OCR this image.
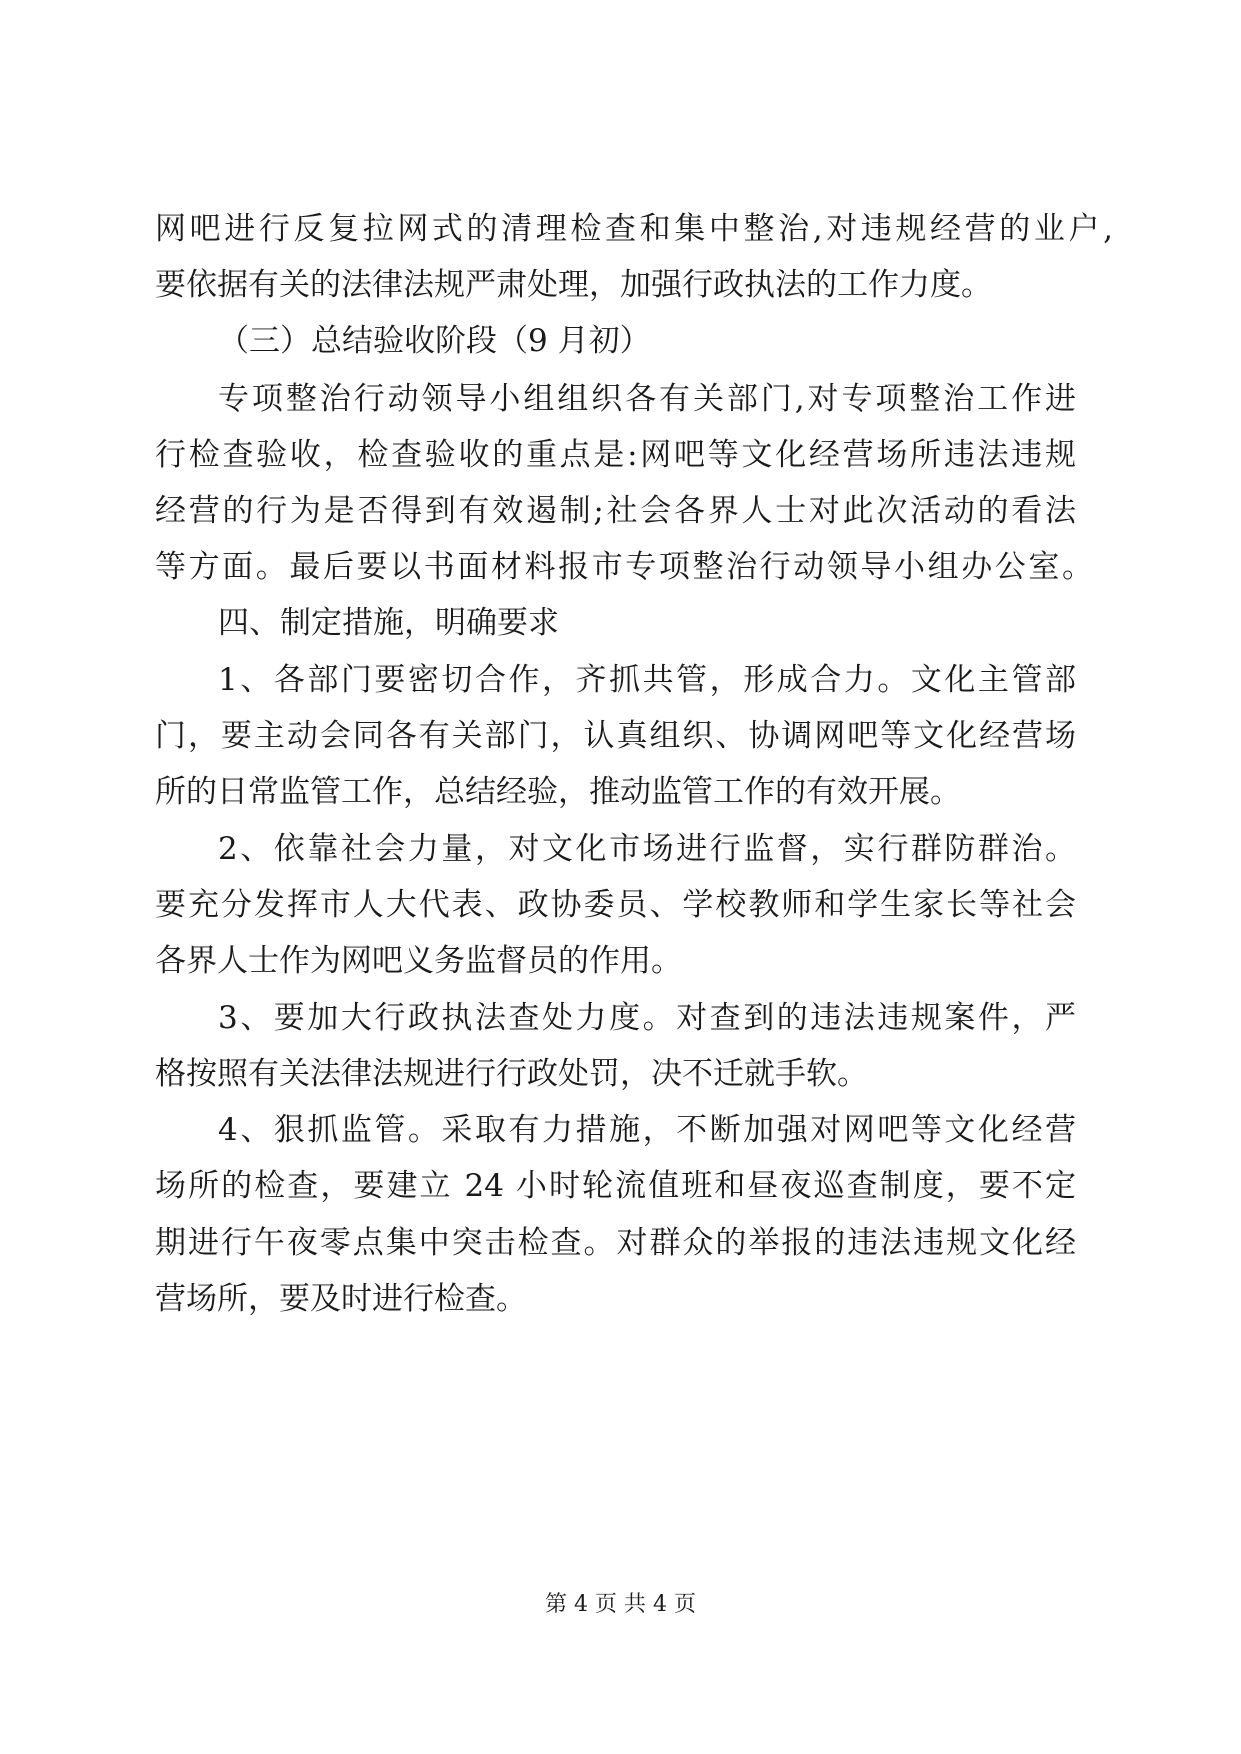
网吧进行反复拉网式的清理检查和集中整治,对违规经营的业户,
要依据有关的法律法规严肃处理，加强行政执法的工作力度。
（三）总结验收阶段（9 月初）
专项整治行动领导小组组织各有关部门,对专项整治工作进
行检查验收，检查验收的重点是:网吧等文化经营场所违法违规
经营的行为是否得到有效遏制;社会各界人士对此次活动的看法
等方面。最后要以书面材料报市专项整治行动领导小组办公室。
四、制定措施，明确要求
1、各部门要密切合作，齐抓共管，形成合力。文化主管部
门，要主动会同各有关部门，认真组织、协调网吧等文化经营场
所的日常监管工作，总结经验，推动监管工作的有效开展。
2、依靠社会力量，对文化市场进行监督，实行群防群治。
要充分发挥市人大代表、政协委员、学校教师和学生家长等社会
各界人士作为网吧义务监督员的作用。
3、要加大行政执法查处力度。对查到的违法违规案件，严
格按照有关法律法规进行行政处罚，决不迁就手软。
4、狠抓监管。采取有力措施，不断加强对网吧等文化经营
场所的检查，要建立 24 小时轮流值班和昼夜巡查制度，要不定
期进行午夜零点集中突击检查。对群众的举报的违法违规文化经
营场所，要及时进行检查。
第 4 页 共 4 页
